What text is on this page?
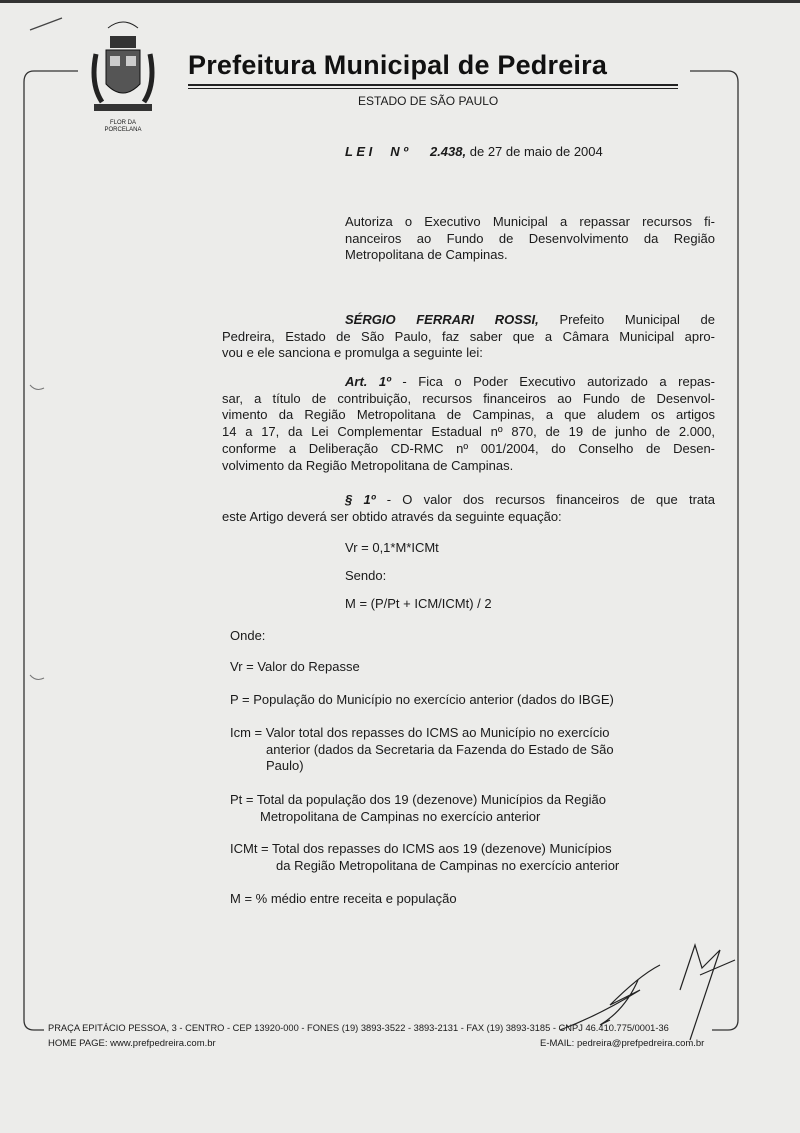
FLOR DA
PORCELANA
Prefeitura Municipal de Pedreira
ESTADO DE SÃO PAULO
L E I N º 2.438, de 27 de maio de 2004
Autoriza o Executivo Municipal a repassar recursos fi-
nanceiros ao Fundo de Desenvolvimento da Região
Metropolitana de Campinas.
SÉRGIO FERRARI ROSSI, Prefeito Municipal de
Pedreira, Estado de São Paulo, faz saber que a Câmara Municipal apro-
vou e ele sanciona e promulga a seguinte lei:
Art. 1º - Fica o Poder Executivo autorizado a repas-
sar, a título de contribuição, recursos financeiros ao Fundo de Desenvol-
vimento da Região Metropolitana de Campinas, a que aludem os artigos
14 a 17, da Lei Complementar Estadual nº 870, de 19 de junho de 2.000,
conforme a Deliberação CD-RMC nº 001/2004, do Conselho de Desen-
volvimento da Região Metropolitana de Campinas.
§ 1º - O valor dos recursos financeiros de que trata
este Artigo deverá ser obtido através da seguinte equação:
Vr = 0,1*M*ICMt
Sendo:
M = (P/Pt + ICM/ICMt) / 2
Onde:
Vr = Valor do Repasse
P = População do Município no exercício anterior (dados do IBGE)
Icm = Valor total dos repasses do ICMS ao Município no exercício
anterior (dados da Secretaria da Fazenda do Estado de São
Paulo)
Pt = Total da população dos 19 (dezenove) Municípios da Região
Metropolitana de Campinas no exercício anterior
ICMt = Total dos repasses do ICMS aos 19 (dezenove) Municípios
da Região Metropolitana de Campinas no exercício anterior
M = % médio entre receita e população
PRAÇA EPITÁCIO PESSOA, 3 - CENTRO - CEP 13920-000 - FONES (19) 3893-3522 - 3893-2131 - FAX (19) 3893-3185 - CNPJ 46.410.775/0001-36
HOME PAGE: www.prefpedreira.com.br	E-MAIL: pedreira@prefpedreira.com.br
